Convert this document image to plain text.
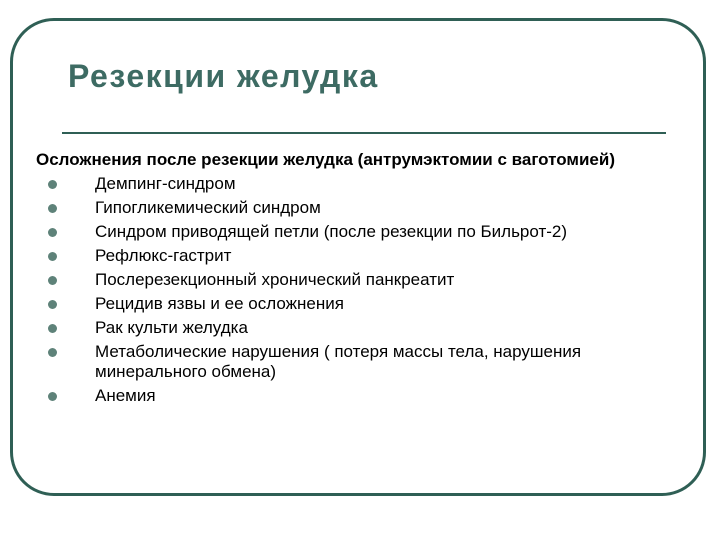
Резекции желудка

Осложнения после резекции желудка (антрумэктомии с ваготомией)

Демпинг-синдром
Гипогликемический синдром
Синдром приводящей петли (после резекции по Бильрот-2)
Рефлюкс-гастрит
Послерезекционный хронический панкреатит
Рецидив язвы и ее осложнения
Рак культи желудка
Метаболические нарушения ( потеря массы тела, нарушения минерального обмена)
Анемия
